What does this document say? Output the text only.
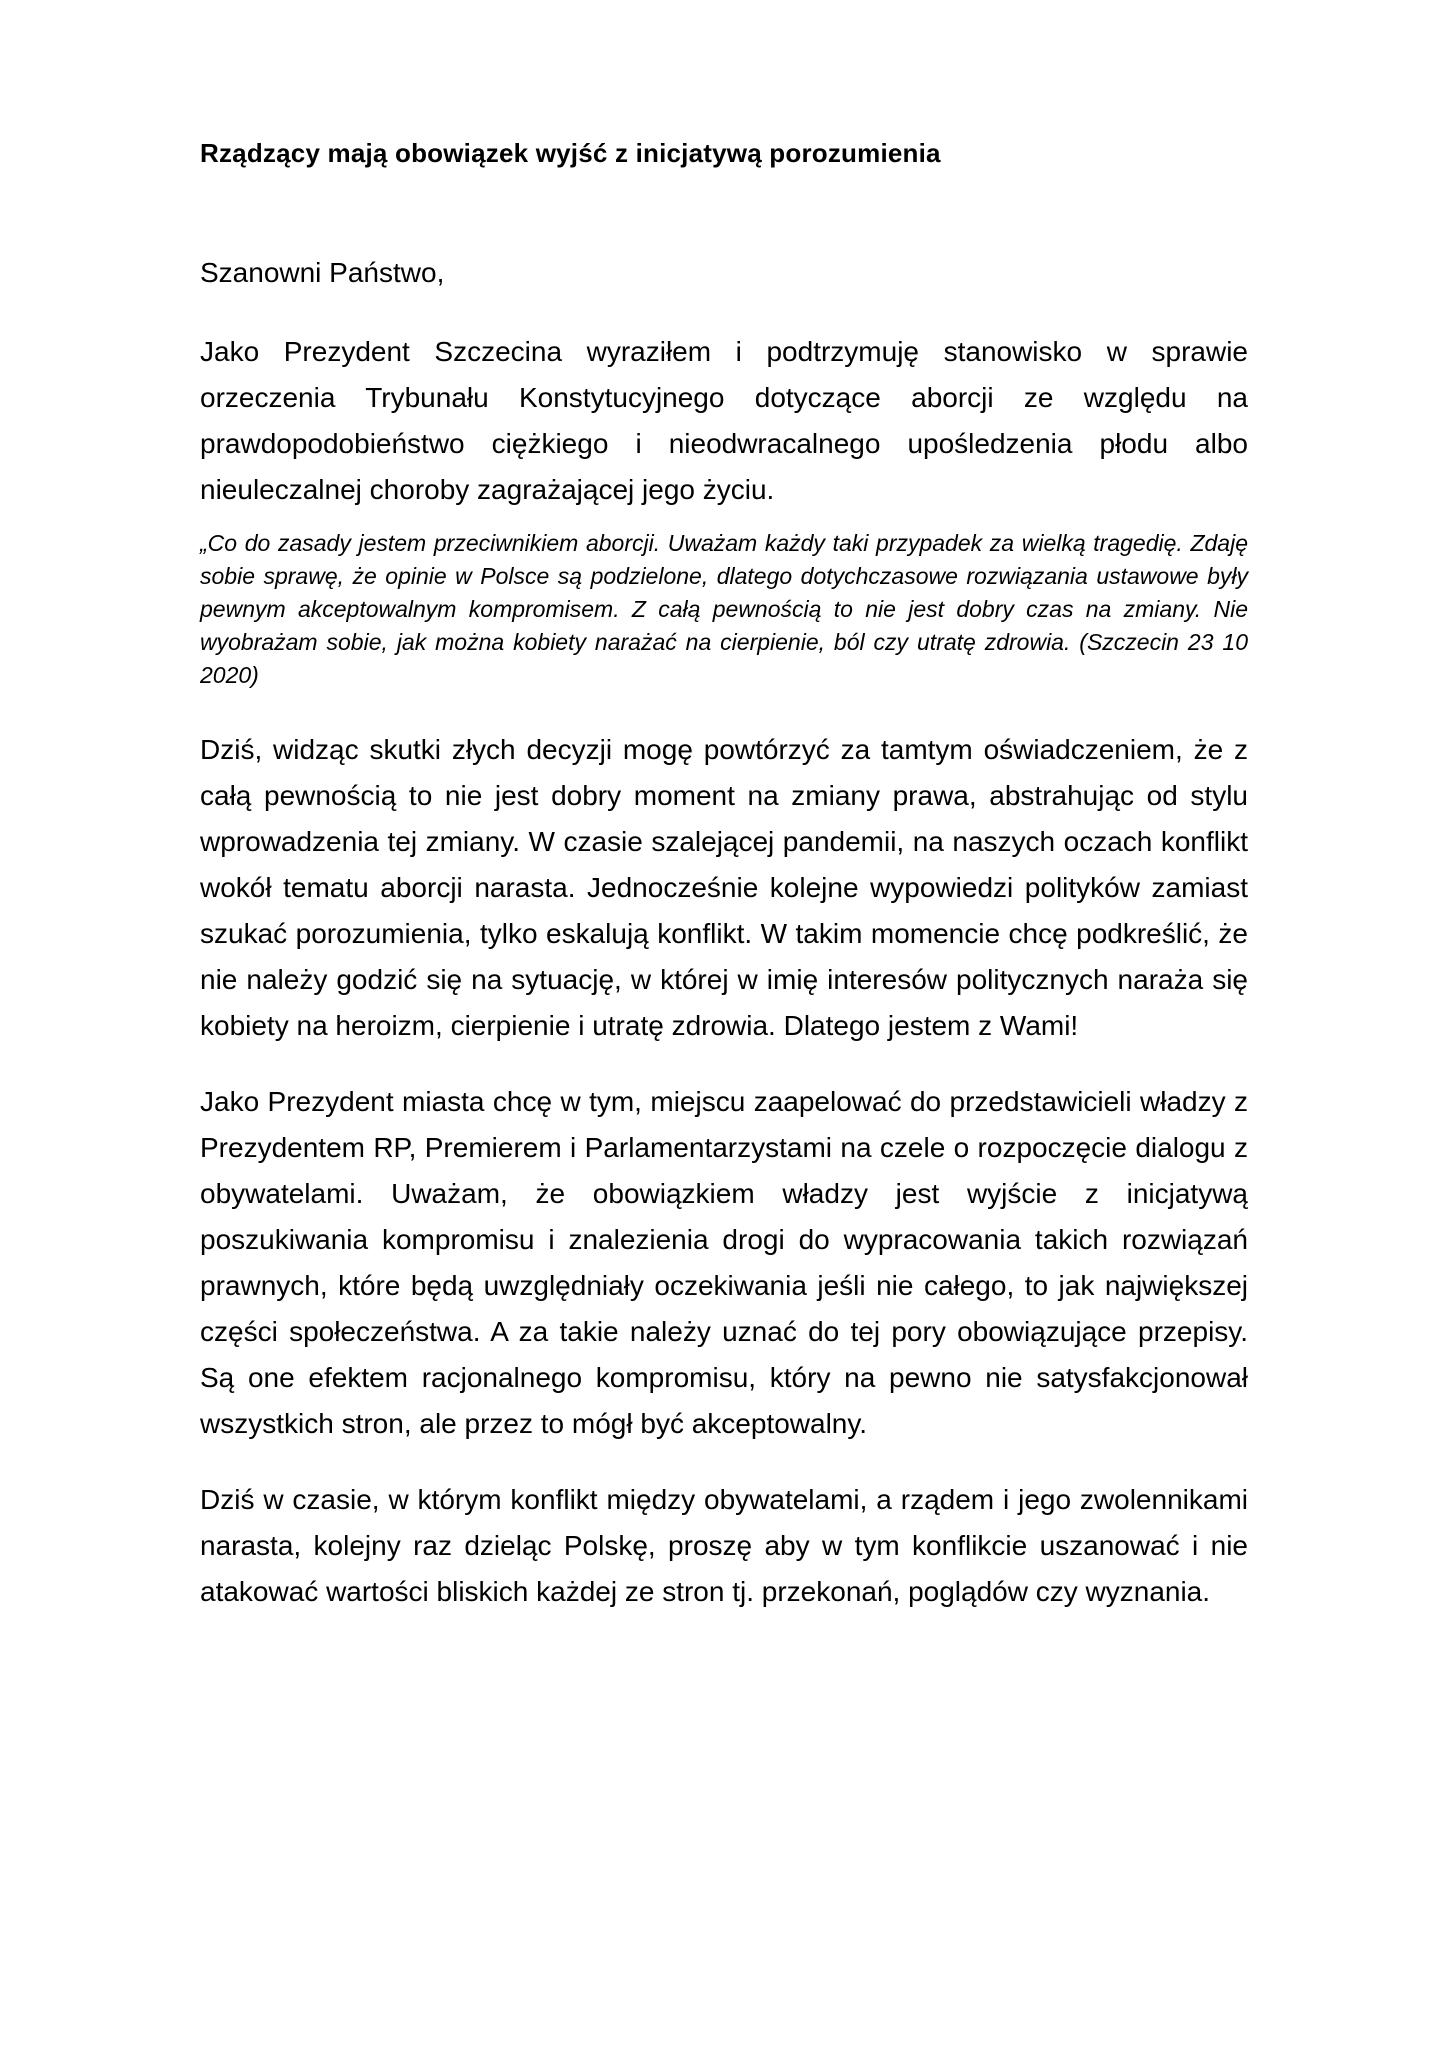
Rządzący mają obowiązek wyjść z inicjatywą porozumienia

Szanowni Państwo,

Jako Prezydent Szczecina wyraziłem i podtrzymuję stanowisko w sprawie orzeczenia Trybunału Konstytucyjnego dotyczące aborcji ze względu na prawdopodobieństwo ciężkiego i nieodwracalnego upośledzenia płodu albo nieuleczalnej choroby zagrażającej jego życiu.

„Co do zasady jestem przeciwnikiem aborcji. Uważam każdy taki przypadek za wielką tragedię. Zdaję sobie sprawę, że opinie w Polsce są podzielone, dlatego dotychczasowe rozwiązania ustawowe były pewnym akceptowalnym kompromisem. Z całą pewnością to nie jest dobry czas na zmiany. Nie wyobrażam sobie, jak można kobiety narażać na cierpienie, ból czy utratę zdrowia. (Szczecin 23 10 2020)

Dziś, widząc skutki złych decyzji mogę powtórzyć za tamtym oświadczeniem, że z całą pewnością to nie jest dobry moment na zmiany prawa, abstrahując od stylu wprowadzenia tej zmiany. W czasie szalejącej pandemii, na naszych oczach konflikt wokół tematu aborcji narasta. Jednocześnie kolejne wypowiedzi polityków zamiast szukać porozumienia, tylko eskalują konflikt. W takim momencie chcę podkreślić, że nie należy godzić się na sytuację, w której w imię interesów politycznych naraża się kobiety na heroizm, cierpienie i utratę zdrowia. Dlatego jestem z Wami!

Jako Prezydent miasta chcę w tym, miejscu zaapelować do przedstawicieli władzy z Prezydentem RP, Premierem i Parlamentarzystami na czele o rozpoczęcie dialogu z obywatelami. Uważam, że obowiązkiem władzy jest wyjście z inicjatywą poszukiwania kompromisu i znalezienia drogi do wypracowania takich rozwiązań prawnych, które będą uwzględniały oczekiwania jeśli nie całego, to jak największej części społeczeństwa. A za takie należy uznać do tej pory obowiązujące przepisy. Są one efektem racjonalnego kompromisu, który na pewno nie satysfakcjonował wszystkich stron, ale przez to mógł być akceptowalny.

Dziś w czasie, w którym konflikt między obywatelami, a rządem i jego zwolennikami narasta, kolejny raz dzieląc Polskę, proszę aby w tym konflikcie uszanować i nie atakować wartości bliskich każdej ze stron tj. przekonań, poglądów czy wyznania.
